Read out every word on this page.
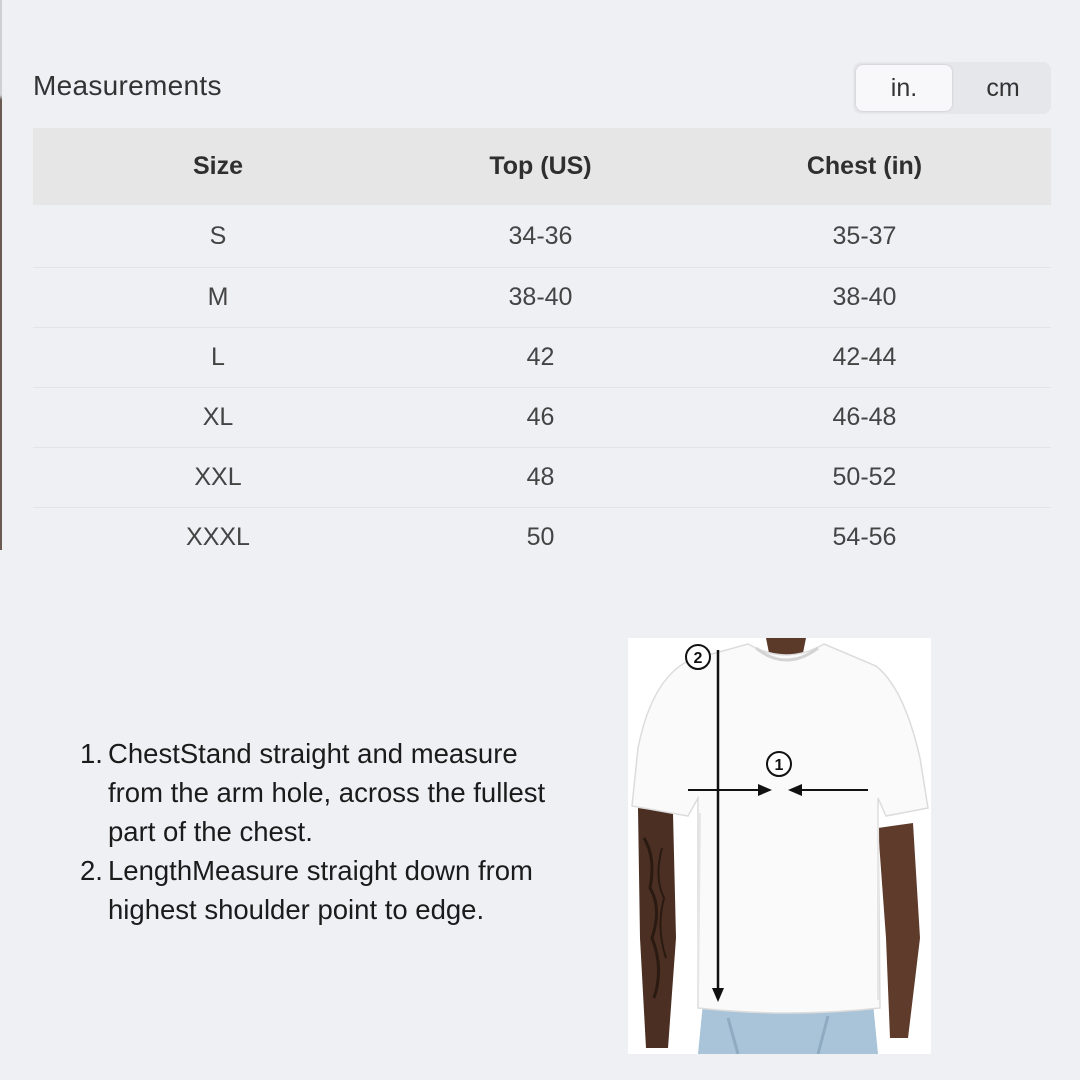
Measurements	in.	cm
Size	Top (US)	Chest (in)
S	34-36	35-37
M	38-40	38-40
L	42	42-44
XL	46	46-48
XXL	48	50-52
XXXL	50	54-56
1. ChestStand straight and measure from the arm hole, across the fullest part of the chest.
2. LengthMeasure straight down from highest shoulder point to edge.
2
1
